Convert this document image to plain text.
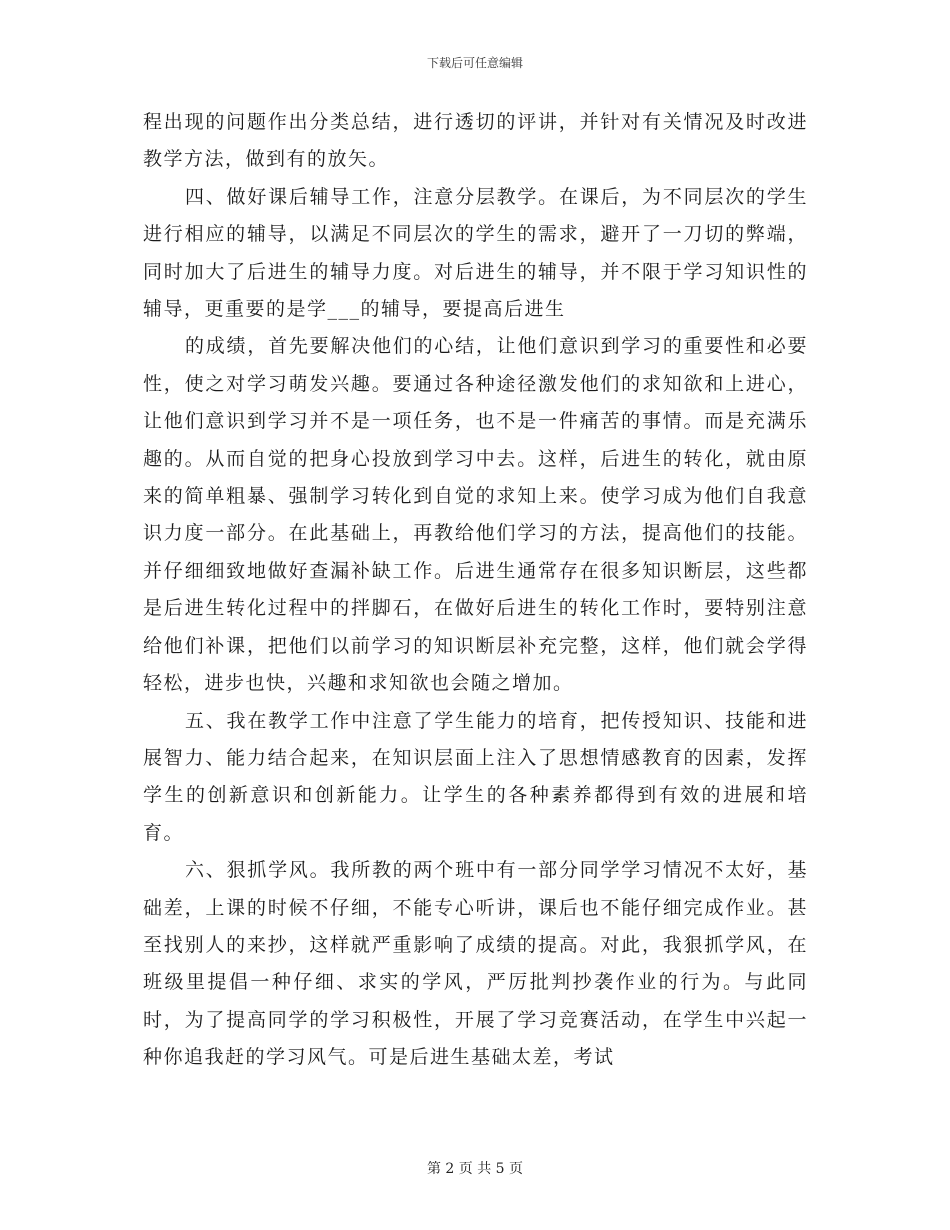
下载后可任意编辑

程出现的问题作出分类总结，进行透切的评讲，并针对有关情况及时改进教学方法，做到有的放矢。

四、做好课后辅导工作，注意分层教学。在课后，为不同层次的学生进行相应的辅导，以满足不同层次的学生的需求，避开了一刀切的弊端，同时加大了后进生的辅导力度。对后进生的辅导，并不限于学习知识性的辅导，更重要的是学___的辅导，要提高后进生

的成绩，首先要解决他们的心结，让他们意识到学习的重要性和必要性，使之对学习萌发兴趣。要通过各种途径激发他们的求知欲和上进心，让他们意识到学习并不是一项任务，也不是一件痛苦的事情。而是充满乐趣的。从而自觉的把身心投放到学习中去。这样，后进生的转化，就由原来的简单粗暴、强制学习转化到自觉的求知上来。使学习成为他们自我意识力度一部分。在此基础上，再教给他们学习的方法，提高他们的技能。并仔细细致地做好查漏补缺工作。后进生通常存在很多知识断层，这些都是后进生转化过程中的拌脚石，在做好后进生的转化工作时，要特别注意给他们补课，把他们以前学习的知识断层补充完整，这样，他们就会学得轻松，进步也快，兴趣和求知欲也会随之增加。

五、我在教学工作中注意了学生能力的培育，把传授知识、技能和进展智力、能力结合起来，在知识层面上注入了思想情感教育的因素，发挥学生的创新意识和创新能力。让学生的各种素养都得到有效的进展和培育。

六、狠抓学风。我所教的两个班中有一部分同学学习情况不太好，基础差，上课的时候不仔细，不能专心听讲，课后也不能仔细完成作业。甚至找别人的来抄，这样就严重影响了成绩的提高。对此，我狠抓学风，在班级里提倡一种仔细、求实的学风，严厉批判抄袭作业的行为。与此同时，为了提高同学的学习积极性，开展了学习竞赛活动，在学生中兴起一种你追我赶的学习风气。可是后进生基础太差，考试

第 2 页 共 5 页
